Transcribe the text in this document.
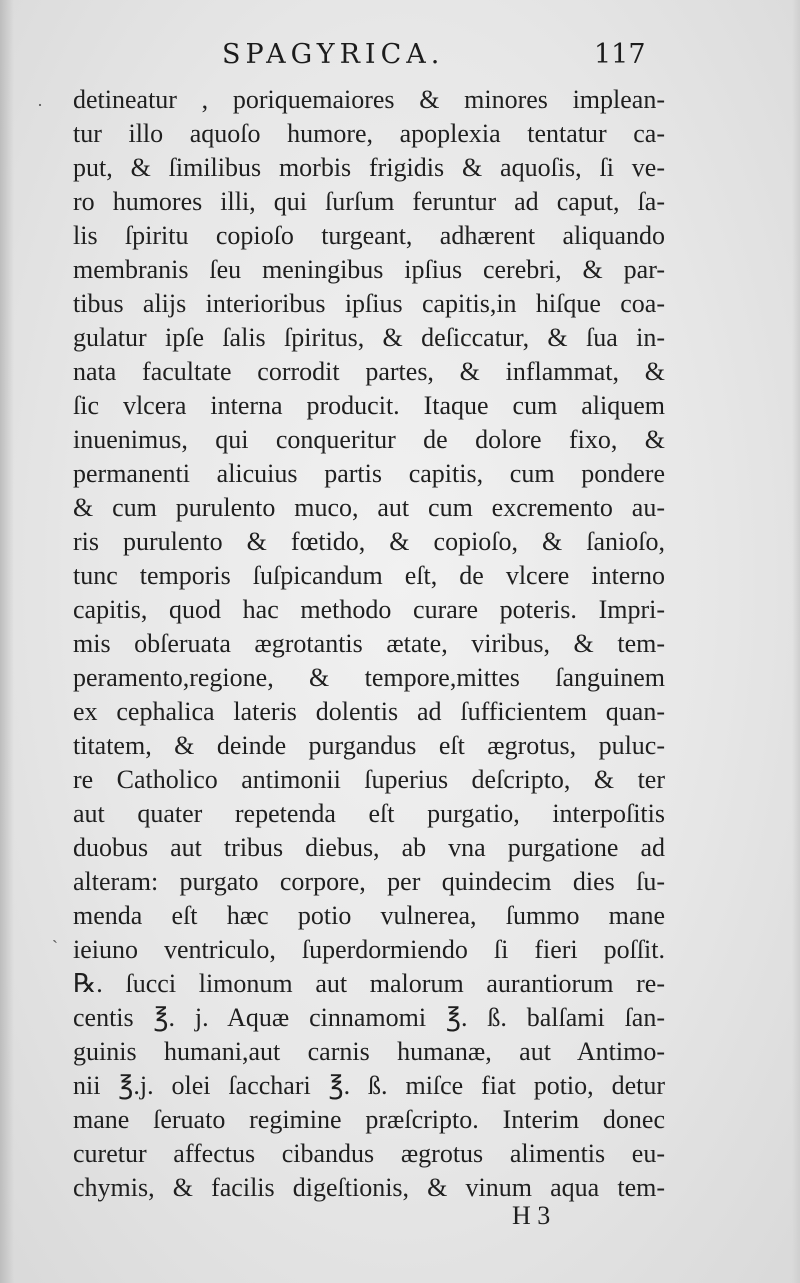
SPAGYRICA.	117
·
`
detineatur , poriquemaiores & minores implean-
tur illo aquoſo humore, apoplexia tentatur ca-
put, & ſimilibus morbis frigidis & aquoſis, ſi ve-
ro humores illi, qui ſurſum feruntur ad caput, ſa-
lis ſpiritu copioſo turgeant, adhærent aliquando
membranis ſeu meningibus ipſius cerebri, & par-
tibus alijs interioribus ipſius capitis,in hiſque coa-
gulatur ipſe ſalis ſpiritus, & deſiccatur, & ſua in-
nata facultate corrodit partes, & inflammat, &
ſic vlcera interna producit. Itaque cum aliquem
inuenimus, qui conqueritur de dolore fixo, &
permanenti alicuius partis capitis, cum pondere
& cum purulento muco, aut cum excremento au-
ris purulento & fœtido, & copioſo, & ſanioſo,
tunc temporis ſuſpicandum eſt, de vlcere interno
capitis, quod hac methodo curare poteris. Impri-
mis obſeruata ægrotantis ætate, viribus, & tem-
peramento,regione, & tempore,mittes ſanguinem
ex cephalica lateris dolentis ad ſufficientem quan-
titatem, & deinde purgandus eſt ægrotus, puluc-
re Catholico antimonii ſuperius deſcripto, & ter
aut quater repetenda eſt purgatio, interpoſitis
duobus aut tribus diebus, ab vna purgatione ad
alteram: purgato corpore, per quindecim dies ſu-
menda eſt hæc potio vulnerea, ſummo mane
ieiuno ventriculo, ſuperdormiendo ſi fieri poſſit.
℞. ſucci limonum aut malorum aurantiorum re-
centis ℥. j. Aquæ cinnamomi ℥. ß. balſami ſan-
guinis humani,aut carnis humanæ, aut Antimo-
nii ℥.j. olei ſacchari ℥. ß. miſce fiat potio, detur
mane ſeruato regimine præſcripto. Interim donec
curetur affectus cibandus ægrotus alimentis eu-
chymis, & facilis digeſtionis, & vinum aqua tem-
H 3
